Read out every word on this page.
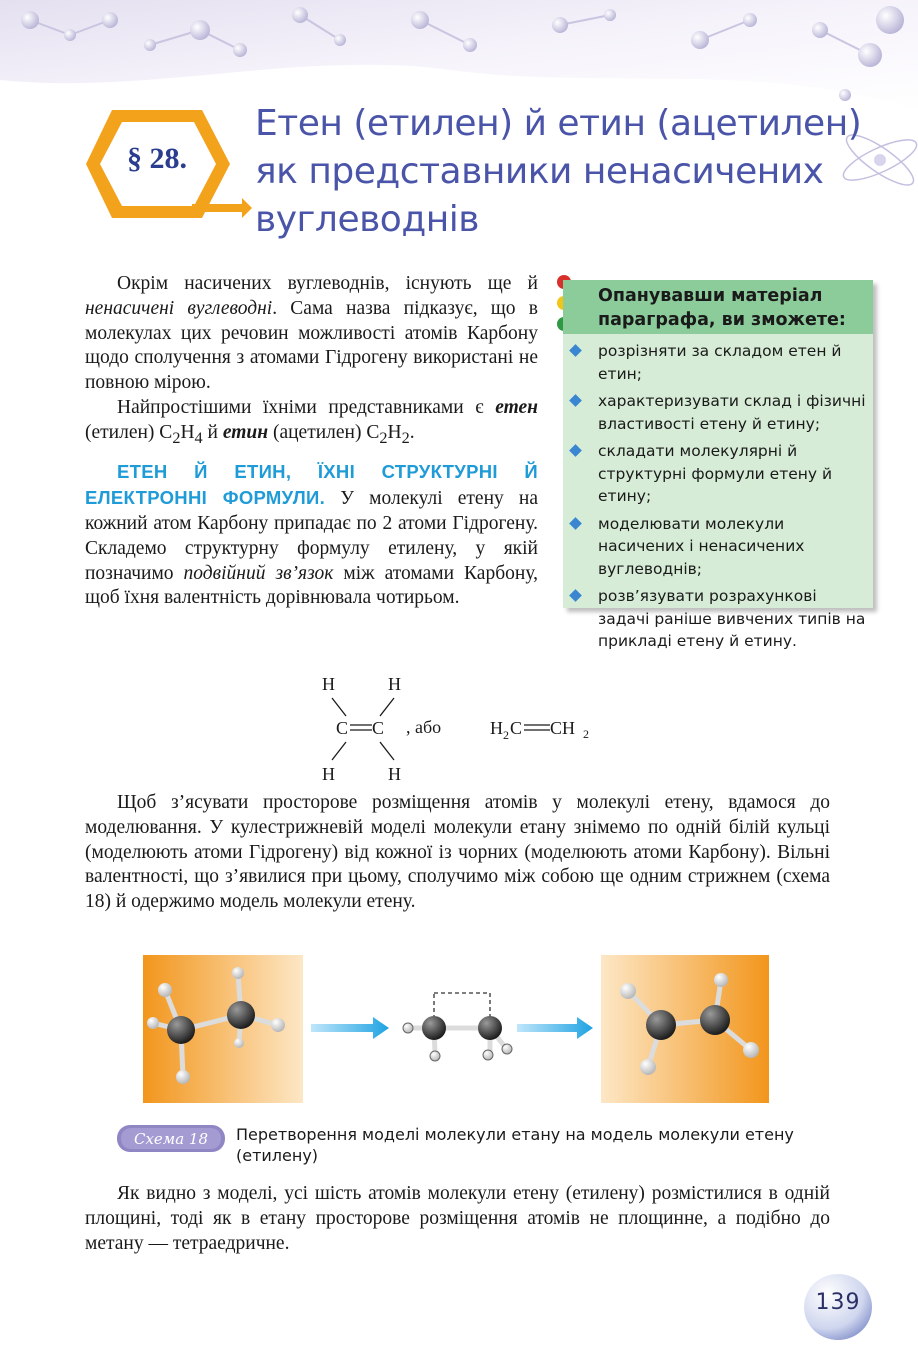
§ 28.
Етен (етилен) й етин (ацетилен)
як представники ненасичених
вуглеводнів

Окрім насичених вуглеводнів, існують ще й ненасичені вуглеводні. Сама назва підказує, що в молекулах цих речовин можливості атомів Карбону щодо сполучення з атомами Гідрогену використані не повною мірою.

Найпростішими їхніми представниками є етен (етилен) $C_2H_4$ й етин (ацетилен) $C_2H_2$.

ЕТЕН Й ЕТИН, ЇХНІ СТРУКТУРНІ Й ЕЛЕКТРОННІ ФОРМУЛИ. У молекулі етену на кожний атом Карбону припадає по 2 атоми Гідрогену. Складемо структурну формулу етилену, у якій позначимо подвійний зв’язок між атомами Карбону, щоб їхня валентність дорівнювала чотирьом.

Опанувавши матеріал параграфа, ви зможете:
розрізняти за складом етен й етин;
характеризувати склад і фізичні властивості етену й етину;
складати молекулярні й структурні формули етену й етину;
моделювати молекули насичених і ненасичених вуглеводнів;
розв’язувати розрахункові задачі раніше вивчених типів на прикладі етену й етину.
H	H
C C
H	H
, або	H 2 C CH 2

Щоб з’ясувати просторове розміщення атомів у молекулі етену, вдамося до моделювання. У кулестрижневій моделі молекули етану знімемо по одній білій кульці (моделюють атоми Гідрогену) від кожної із чорних (моделюють атоми Карбону). Вільні валентності, що з’явилися при цьому, сполучимо між собою ще одним стрижнем (схема 18) й одержимо модель молекули етену.

Схема 18 Перетворення моделі молекули етану на модель молекули етену (етилену)

Як видно з моделі, усі шість атомів молекули етену (етилену) розмістилися в одній площині, тоді як в етану просторове розміщення атомів не площинне, а подібно до метану — тетраедричне.

139
